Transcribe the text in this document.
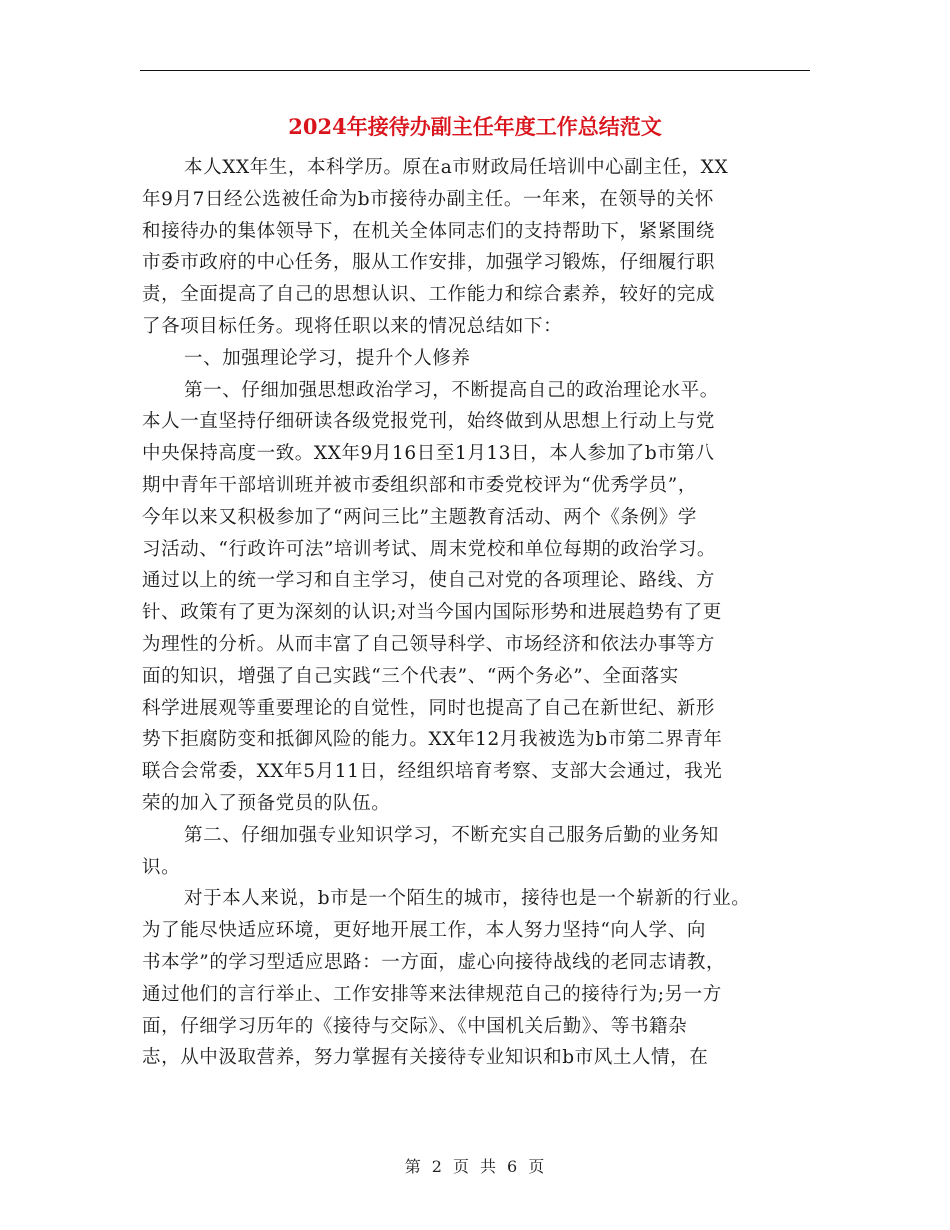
2024年接待办副主任年度工作总结范文
本人XX年生，本科学历。原在a市财政局任培训中心副主任，XX
年9月7日经公选被任命为b市接待办副主任。一年来，在领导的关怀
和接待办的集体领导下，在机关全体同志们的支持帮助下，紧紧围绕
市委市政府的中心任务，服从工作安排，加强学习锻炼，仔细履行职
责，全面提高了自己的思想认识、工作能力和综合素养，较好的完成
了各项目标任务。现将任职以来的情况总结如下：
一、加强理论学习，提升个人修养
第一、仔细加强思想政治学习，不断提高自己的政治理论水平。
本人一直坚持仔细研读各级党报党刊，始终做到从思想上行动上与党
中央保持高度一致。XX年9月16日至1月13日，本人参加了b市第八
期中青年干部培训班并被市委组织部和市委党校评为“优秀学员”，
今年以来又积极参加了“两问三比”主题教育活动、两个《条例》学
习活动、“行政许可法”培训考试、周末党校和单位每期的政治学习。
通过以上的统一学习和自主学习，使自己对党的各项理论、路线、方
针、政策有了更为深刻的认识;对当今国内国际形势和进展趋势有了更
为理性的分析。从而丰富了自己领导科学、市场经济和依法办事等方
面的知识，增强了自己实践“三个代表”、“两个务必”、全面落实
科学进展观等重要理论的自觉性，同时也提高了自己在新世纪、新形
势下拒腐防变和抵御风险的能力。XX年12月我被选为b市第二界青年
联合会常委，XX年5月11日，经组织培育考察、支部大会通过，我光
荣的加入了预备党员的队伍。
第二、仔细加强专业知识学习，不断充实自己服务后勤的业务知
识。
对于本人来说，b市是一个陌生的城市，接待也是一个崭新的行业。
为了能尽快适应环境，更好地开展工作，本人努力坚持“向人学、向
书本学”的学习型适应思路：一方面，虚心向接待战线的老同志请教，
通过他们的言行举止、工作安排等来法律规范自己的接待行为;另一方
面，仔细学习历年的《接待与交际》、《中国机关后勤》、等书籍杂
志，从中汲取营养，努力掌握有关接待专业知识和b市风土人情，在
第 2 页 共 6 页
